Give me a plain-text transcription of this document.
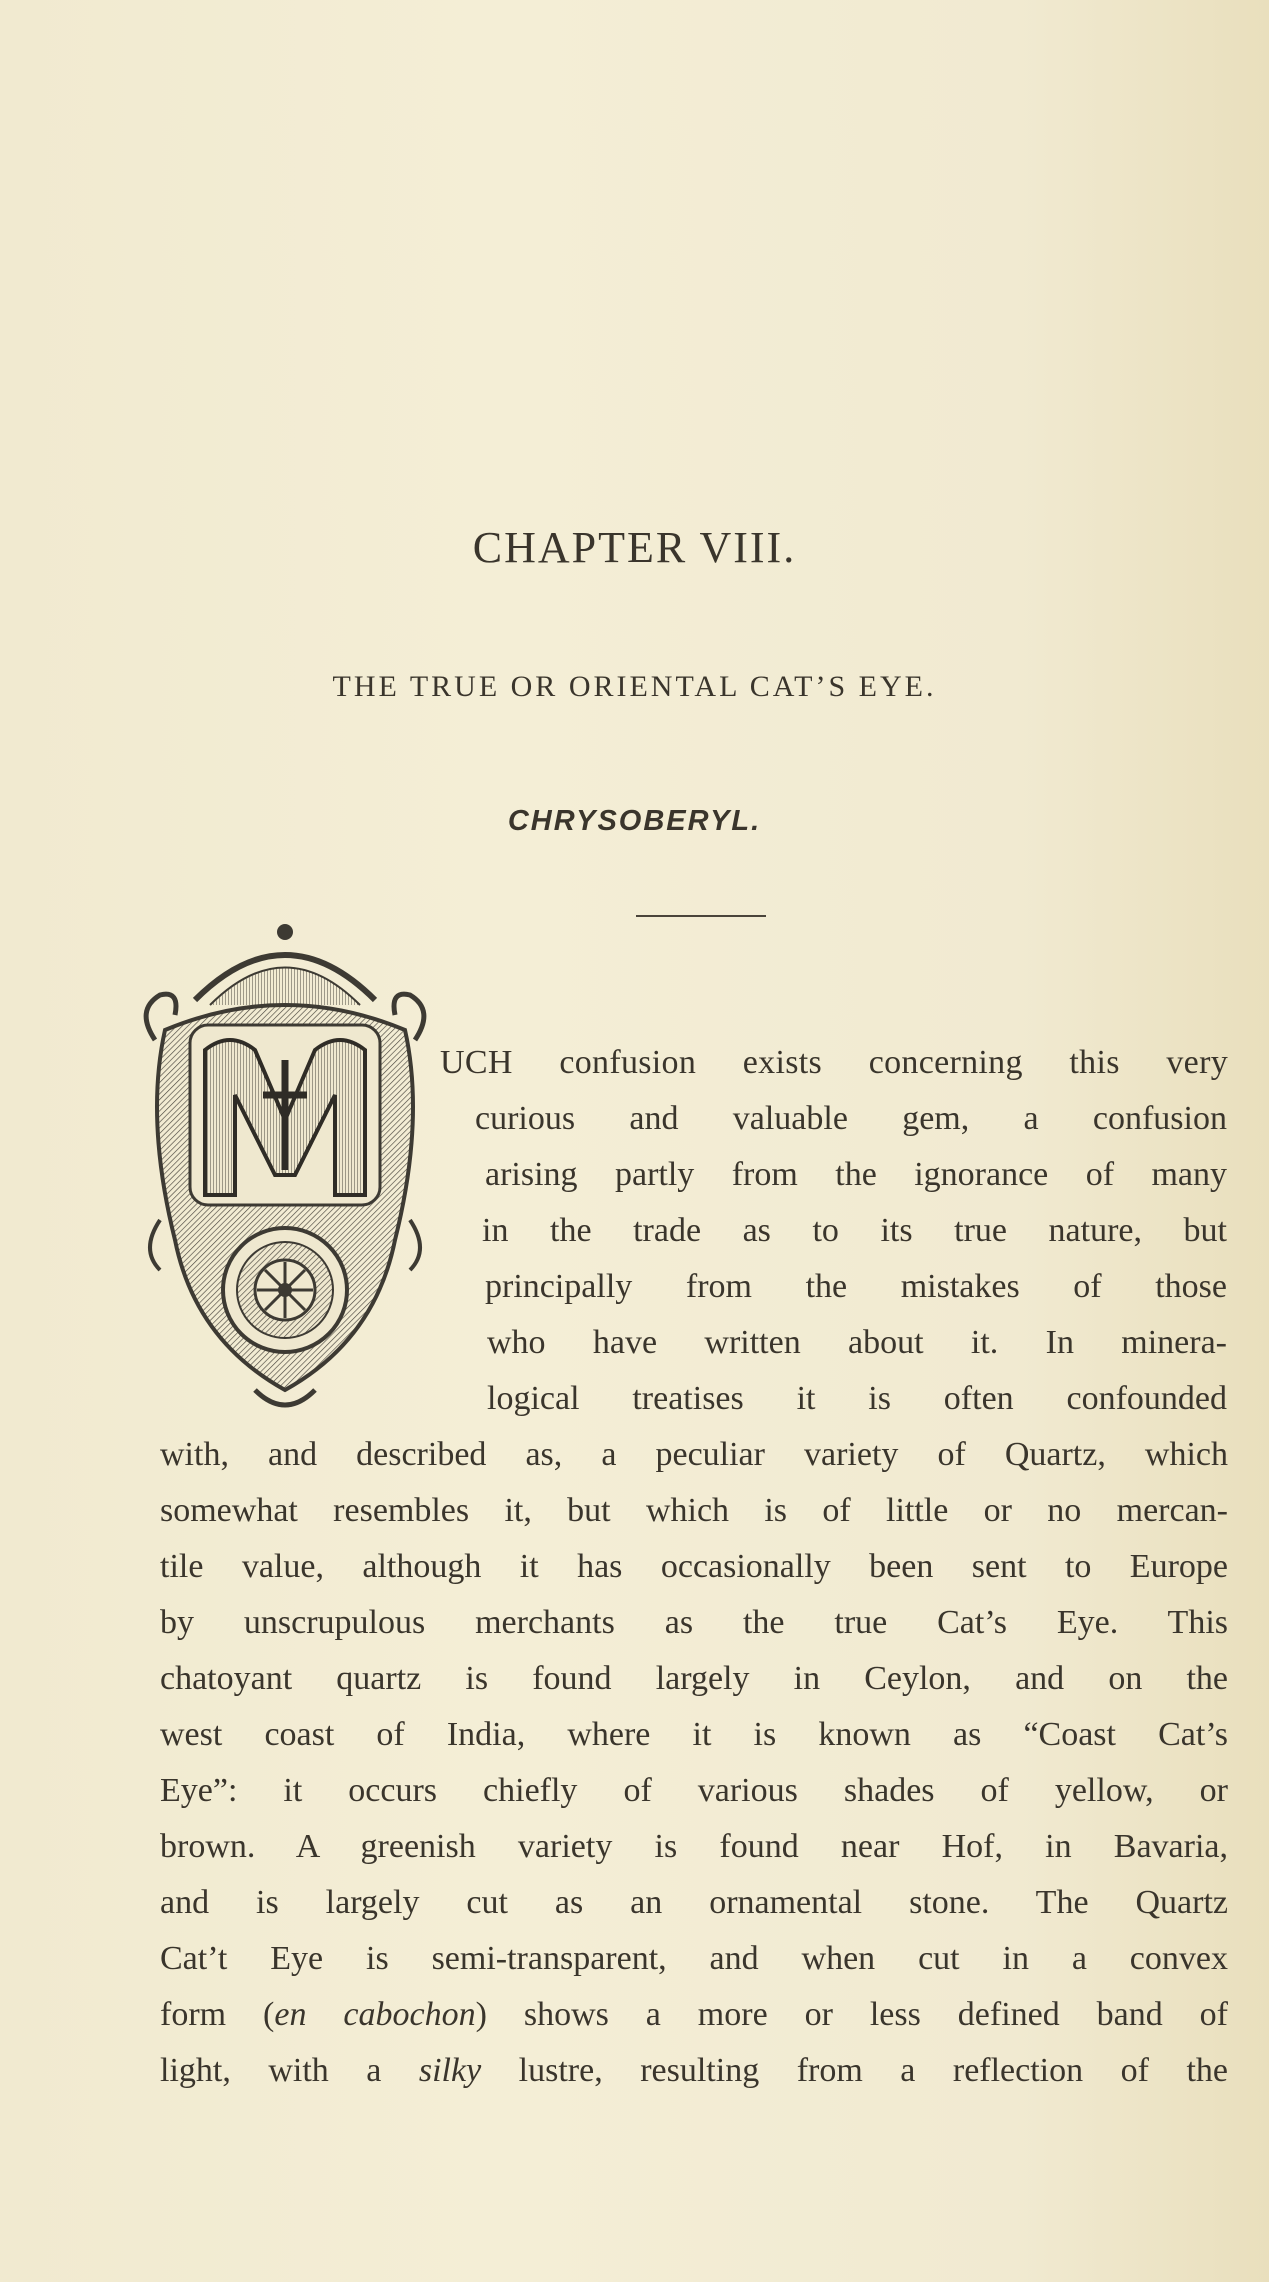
CHAPTER VIII.
THE TRUE OR ORIENTAL CAT’S EYE.
CHRYSOBERYL.
UCH confusion exists concerning this very
curious and valuable gem, a confusion
arising partly from the ignorance of many
in the trade as to its true nature, but
principally from the mistakes of those
who have written about it. In minera-
logical treatises it is often confounded
with, and described as, a peculiar variety of Quartz, which
somewhat resembles it, but which is of little or no mercan-
tile value, although it has occasionally been sent to Europe
by unscrupulous merchants as the true Cat’s Eye. This
chatoyant quartz is found largely in Ceylon, and on the
west coast of India, where it is known as “Coast Cat’s
Eye”: it occurs chiefly of various shades of yellow, or
brown. A greenish variety is found near Hof, in Bavaria,
and is largely cut as an ornamental stone. The Quartz
Cat’t Eye is semi-transparent, and when cut in a convex
form (en cabochon) shows a more or less defined band of
light, with a silky lustre, resulting from a reflection of the
